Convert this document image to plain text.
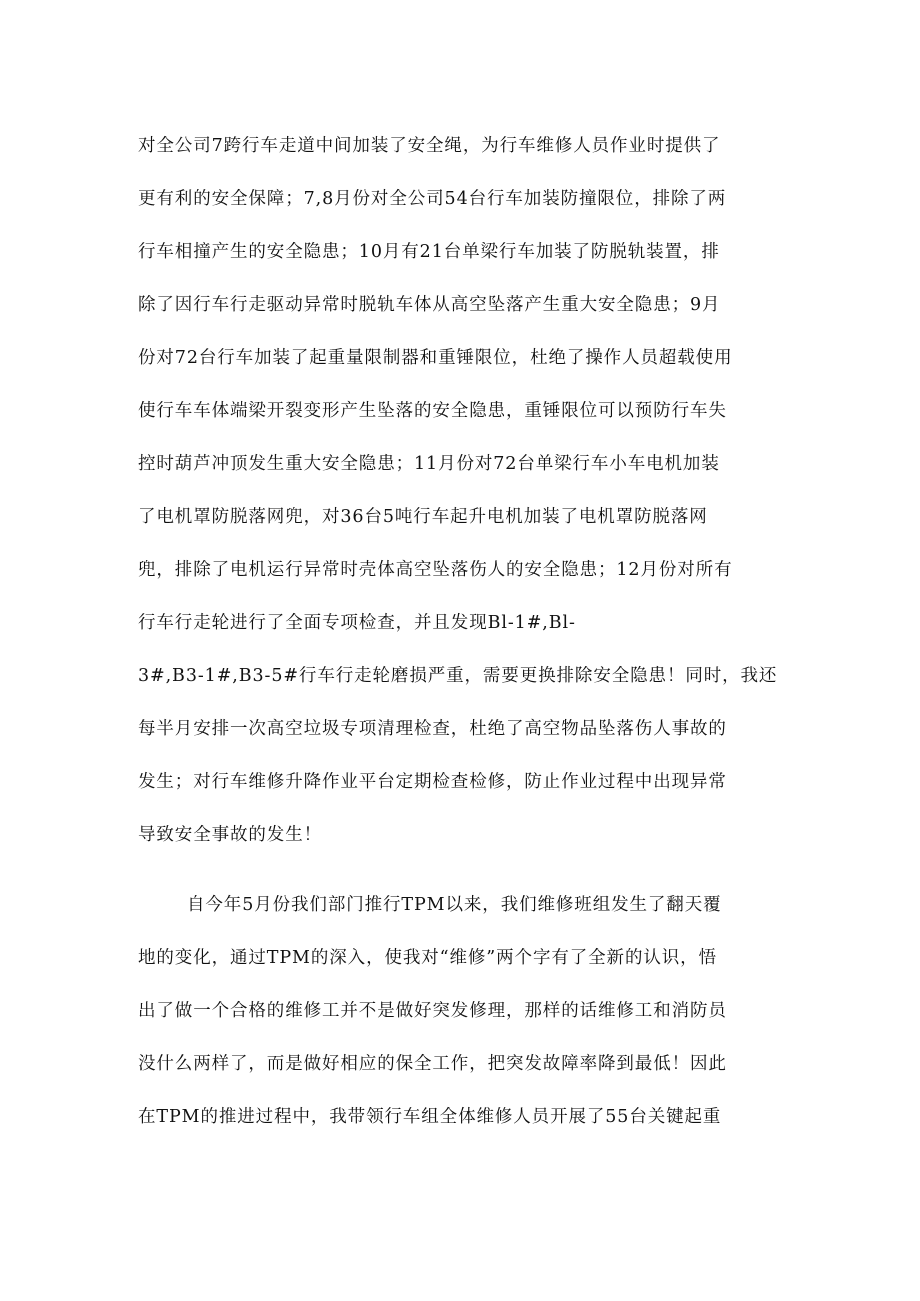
对全公司7跨行车走道中间加装了安全绳，为行车维修人员作业时提供了
更有利的安全保障；7,8月份对全公司54台行车加装防撞限位，排除了两
行车相撞产生的安全隐患；10月有21台单梁行车加装了防脱轨装置，排
除了因行车行走驱动异常时脱轨车体从高空坠落产生重大安全隐患；9月
份对72台行车加装了起重量限制器和重锤限位，杜绝了操作人员超载使用
使行车车体端梁开裂变形产生坠落的安全隐患，重锤限位可以预防行车失
控时葫芦冲顶发生重大安全隐患；11月份对72台单梁行车小车电机加装
了电机罩防脱落网兜，对36台5吨行车起升电机加装了电机罩防脱落网
兜，排除了电机运行异常时壳体高空坠落伤人的安全隐患；12月份对所有
行车行走轮进行了全面专项检查，并且发现Bl-1#,Bl-
3#,B3-1#,B3-5#行车行走轮磨损严重，需要更换排除安全隐患！同时，我还
每半月安排一次高空垃圾专项清理检查，杜绝了高空物品坠落伤人事故的
发生；对行车维修升降作业平台定期检查检修，防止作业过程中出现异常
导致安全事故的发生！
自今年5月份我们部门推行TPM以来，我们维修班组发生了翻天覆
地的变化，通过TPM的深入，使我对“维修”两个字有了全新的认识，悟
出了做一个合格的维修工并不是做好突发修理，那样的话维修工和消防员
没什么两样了，而是做好相应的保全工作，把突发故障率降到最低！因此
在TPM的推进过程中，我带领行车组全体维修人员开展了55台关键起重
